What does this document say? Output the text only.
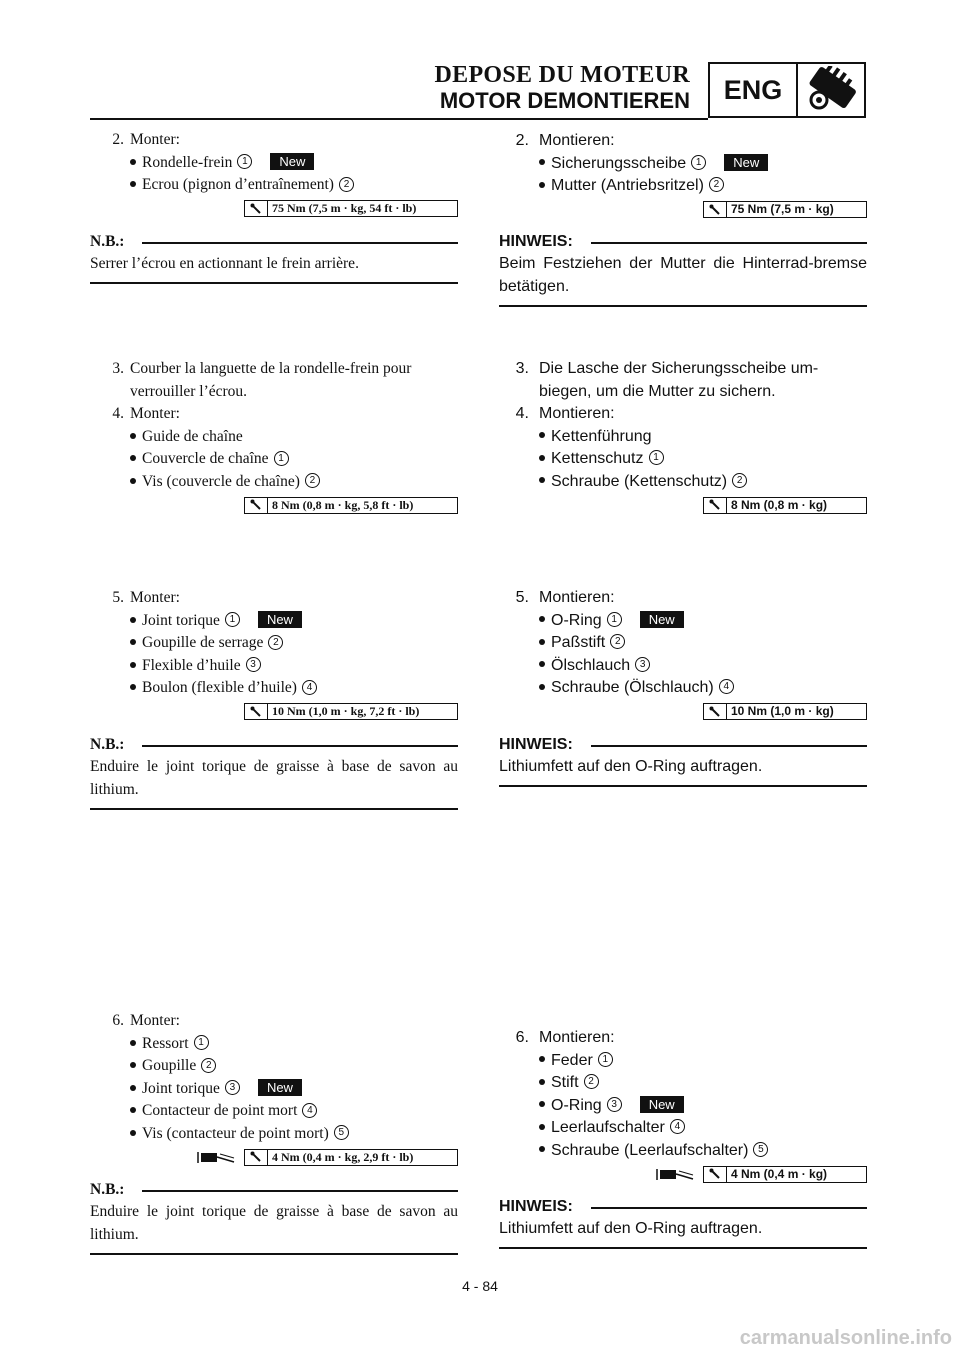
DEPOSE DU MOTEUR
MOTOR DEMONTIEREN	ENG
2. Monter:
Rondelle-frein 1 New
Ecrou (pignon d’entraînement) 2
75 Nm (7,5 m · kg, 54 ft · lb)
N.B.:
Serrer l’écrou en actionnant le frein arrière.
3. Courber la languette de la rondelle-frein pour
verrouiller l’écrou.
4. Monter:
Guide de chaîne
Couvercle de chaîne 1
Vis (couvercle de chaîne) 2
8 Nm (0,8 m · kg, 5,8 ft · lb)
5. Monter:
Joint torique 1 New
Goupille de serrage 2
Flexible d’huile 3
Boulon (flexible d’huile) 4
10 Nm (1,0 m · kg, 7,2 ft · lb)
N.B.:
Enduire le joint torique de graisse à base de savon au lithium.
6. Monter:
Ressort 1
Goupille 2
Joint torique 3 New
Contacteur de point mort 4
Vis (contacteur de point mort) 5
4 Nm (0,4 m · kg, 2,9 ft · lb)
N.B.:
Enduire le joint torique de graisse à base de savon au lithium.
2. Montieren:
Sicherungsscheibe 1 New
Mutter (Antriebsritzel) 2
75 Nm (7,5 m · kg)
HINWEIS:
Beim Festziehen der Mutter die Hinterrad-bremse betätigen.
3. Die Lasche der Sicherungsscheibe um-
biegen, um die Mutter zu sichern.
4. Montieren:
Kettenführung
Kettenschutz 1
Schraube (Kettenschutz) 2
8 Nm (0,8 m · kg)
5. Montieren:
O-Ring 1 New
Paßstift 2
Ölschlauch 3
Schraube (Ölschlauch) 4
10 Nm (1,0 m · kg)
HINWEIS:
Lithiumfett auf den O-Ring auftragen.
6. Montieren:
Feder 1
Stift 2
O-Ring 3 New
Leerlaufschalter 4
Schraube (Leerlaufschalter) 5
4 Nm (0,4 m · kg)
HINWEIS:
Lithiumfett auf den O-Ring auftragen.
4 - 84
carmanualsonline.info
